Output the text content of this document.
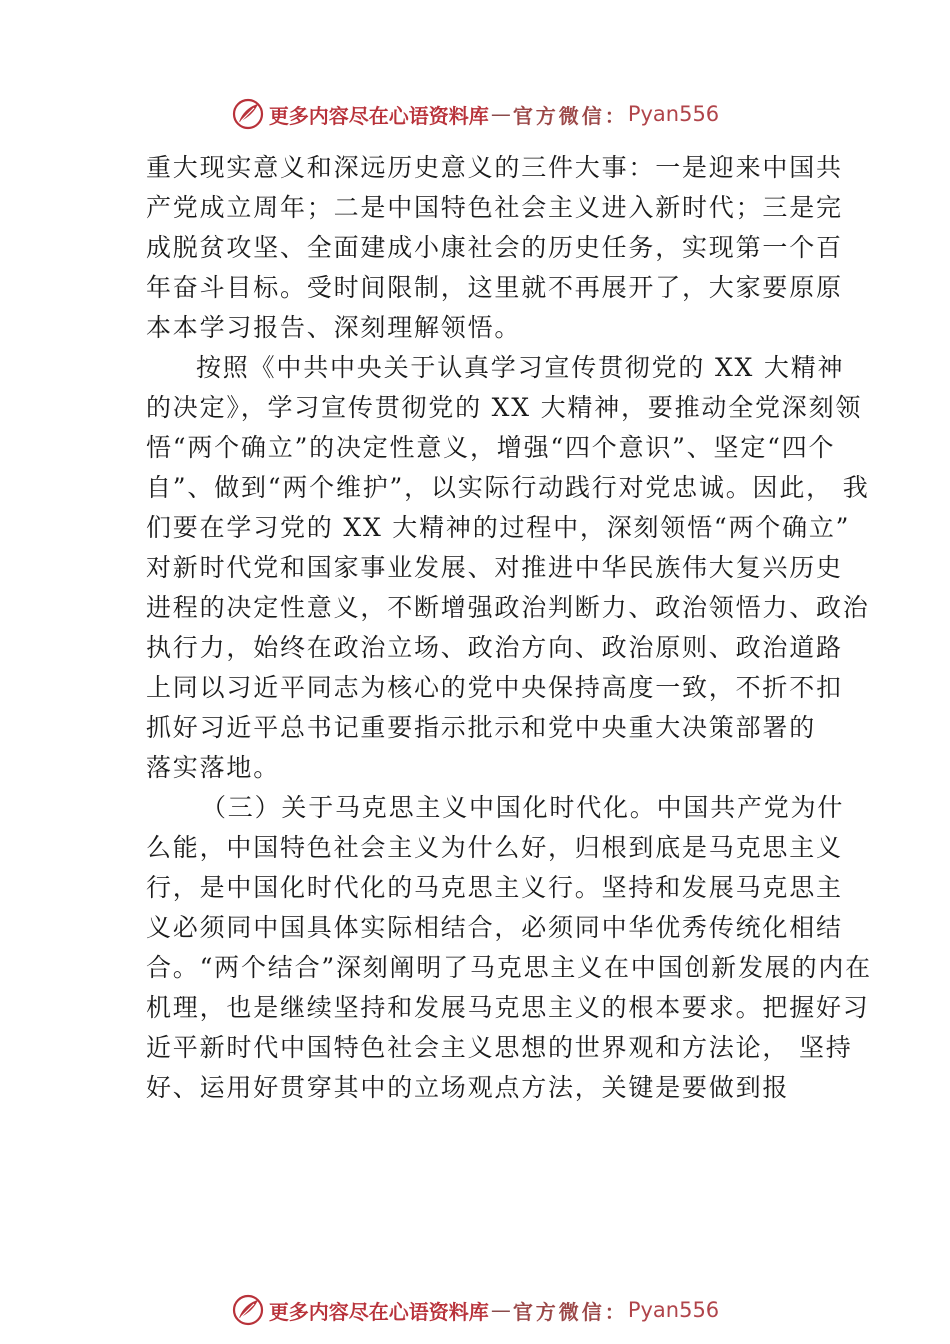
更多内容尽在心语资料库 — 官方微信： Pyan556
重大现实意义和深远历史意义的三件大事：一是迎来中国共
产党成立周年；二是中国特色社会主义进入新时代；三是完
成脱贫攻坚、全面建成小康社会的历史任务，实现第一个百
年奋斗目标。受时间限制，这里就不再展开了，大家要原原
本本学习报告、深刻理解领悟。
按照《中共中央关于认真学习宣传贯彻党的 XX 大精神
的决定》，学习宣传贯彻党的 XX 大精神，要推动全党深刻领
悟“两个确立”的决定性意义，增强“四个意识”、坚定“四个
自”、做到“两个维护”，以实际行动践行对党忠诚。因此， 我
们要在学习党的 XX 大精神的过程中，深刻领悟“两个确立”
对新时代党和国家事业发展、对推进中华民族伟大复兴历史
进程的决定性意义，不断增强政治判断力、政治领悟力、政治
执行力，始终在政治立场、政治方向、政治原则、政治道路
上同以习近平同志为核心的党中央保持高度一致，不折不扣
抓好习近平总书记重要指示批示和党中央重大决策部署的
落实落地。
（三）关于马克思主义中国化时代化。中国共产党为什
么能，中国特色社会主义为什么好，归根到底是马克思主义
行，是中国化时代化的马克思主义行。坚持和发展马克思主
义必须同中国具体实际相结合，必须同中华优秀传统化相结
合。“两个结合”深刻阐明了马克思主义在中国创新发展的内在
机理，也是继续坚持和发展马克思主义的根本要求。把握好习
近平新时代中国特色社会主义思想的世界观和方法论， 坚持
好、运用好贯穿其中的立场观点方法，关键是要做到报
更多内容尽在心语资料库 — 官方微信： Pyan556
